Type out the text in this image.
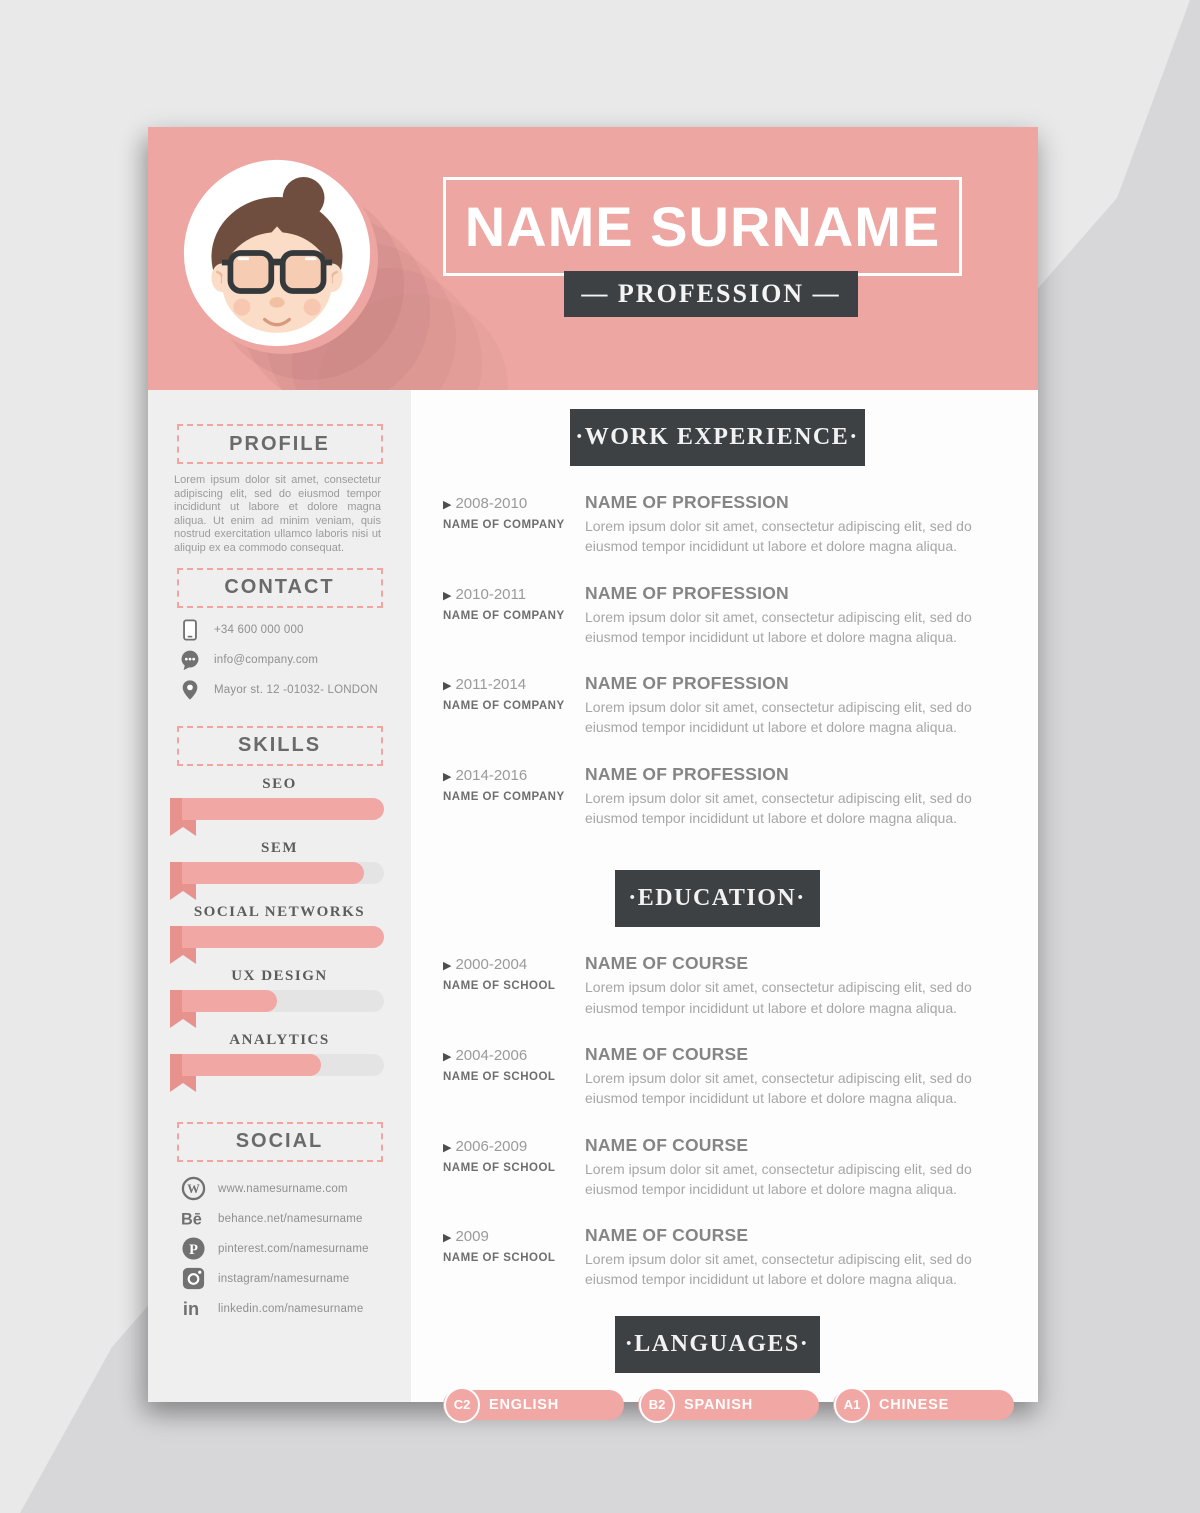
NAME SURNAME
— PROFESSION —
PROFILE
Lorem ipsum dolor sit amet, consectetur adipiscing elit, sed do eiusmod tempor incididunt ut labore et dolore magna aliqua. Ut enim ad minim veniam, quis nostrud exercitation ullamco laboris nisi ut aliquip ex ea commodo consequat.
CONTACT
+34 600 000 000
info@company.com
Mayor st. 12 -01032- LONDON
SKILLS
SEO
SEM
SOCIAL NETWORKS
UX DESIGN
ANALYTICS
SOCIAL
W www.namesurname.com
Bē behance.net/namesurname
P pinterest.com/namesurname
instagram/namesurname
in linkedin.com/namesurname
·WORK EXPERIENCE·
▶ 2008-2010
NAME OF COMPANY
NAME OF PROFESSION
Lorem ipsum dolor sit amet, consectetur adipiscing elit, sed do eiusmod tempor incididunt ut labore et dolore magna aliqua.
▶ 2010-2011
NAME OF COMPANY
NAME OF PROFESSION
Lorem ipsum dolor sit amet, consectetur adipiscing elit, sed do eiusmod tempor incididunt ut labore et dolore magna aliqua.
▶ 2011-2014
NAME OF COMPANY
NAME OF PROFESSION
Lorem ipsum dolor sit amet, consectetur adipiscing elit, sed do eiusmod tempor incididunt ut labore et dolore magna aliqua.
▶ 2014-2016
NAME OF COMPANY
NAME OF PROFESSION
Lorem ipsum dolor sit amet, consectetur adipiscing elit, sed do eiusmod tempor incididunt ut labore et dolore magna aliqua.
·EDUCATION·
▶ 2000-2004
NAME OF SCHOOL
NAME OF COURSE
Lorem ipsum dolor sit amet, consectetur adipiscing elit, sed do eiusmod tempor incididunt ut labore et dolore magna aliqua.
▶ 2004-2006
NAME OF SCHOOL
NAME OF COURSE
Lorem ipsum dolor sit amet, consectetur adipiscing elit, sed do eiusmod tempor incididunt ut labore et dolore magna aliqua.
▶ 2006-2009
NAME OF SCHOOL
NAME OF COURSE
Lorem ipsum dolor sit amet, consectetur adipiscing elit, sed do eiusmod tempor incididunt ut labore et dolore magna aliqua.
▶ 2009
NAME OF SCHOOL
NAME OF COURSE
Lorem ipsum dolor sit amet, consectetur adipiscing elit, sed do eiusmod tempor incididunt ut labore et dolore magna aliqua.
·LANGUAGES·
C2	ENGLISH	B2	SPANISH	A1	CHINESE
